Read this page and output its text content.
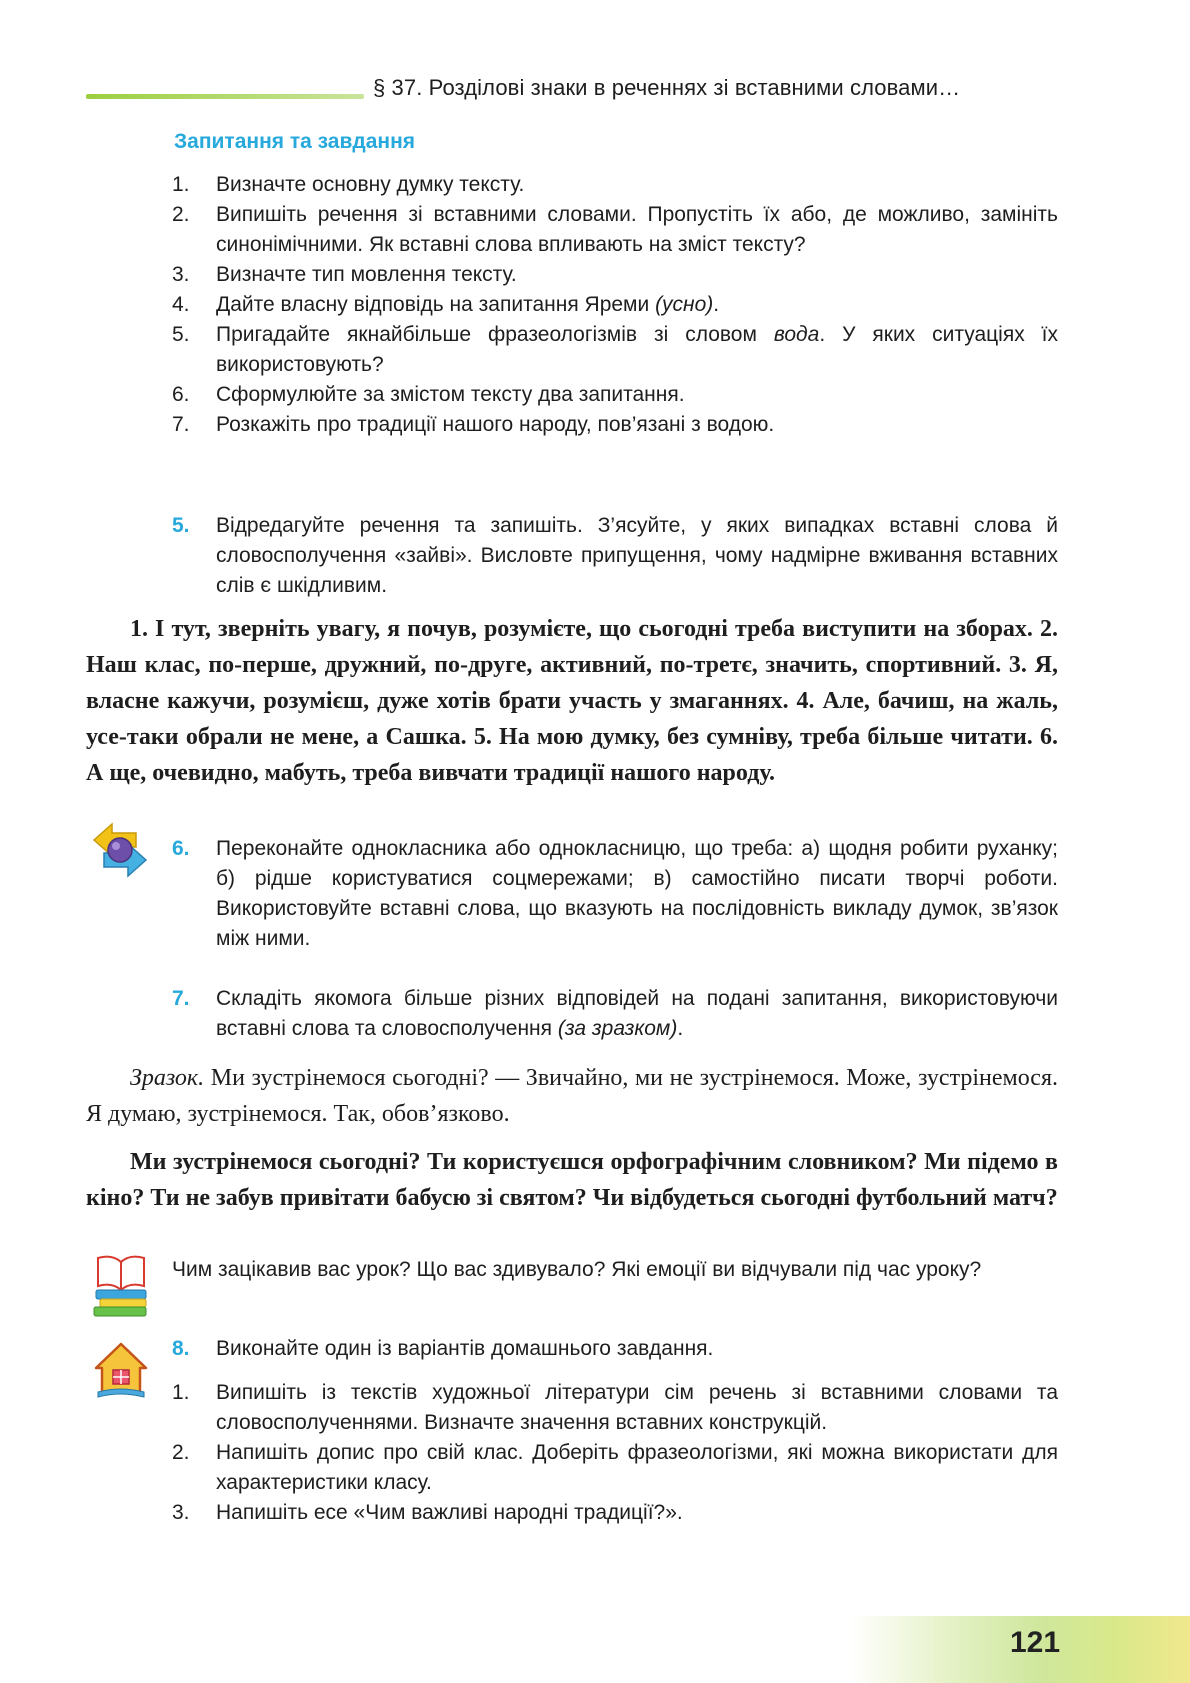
§ 37. Розділові знаки в реченнях зі вставними словами…
Запитання та завдання
1.	Визначте основну думку тексту.
2.	Випишіть речення зі вставними словами. Пропустіть їх або, де можливо, замініть синонімічними. Як вставні слова впливають на зміст тексту?
3.	Визначте тип мовлення тексту.
4.	Дайте власну відповідь на запитання Яреми (усно).
5.	Пригадайте якнайбільше фразеологізмів зі словом вода. У яких ситуаціях їх використовують?
6.	Сформулюйте за змістом тексту два запитання.
7.	Розкажіть про традиції нашого народу, пов’язані з водою.
5.	Відредагуйте речення та запишіть. З’ясуйте, у яких випадках вставні слова й словосполучення «зайві». Висловте припущення, чому надмірне вживання вставних слів є шкідливим.

1. І тут, зверніть увагу, я почув, розумієте, що сьогодні треба виступити на зборах. 2. Наш клас, по-перше, дружний, по-друге, активний, по-третє, значить, спортивний. 3. Я, власне кажучи, розумієш, дуже хотів брати участь у змаганнях. 4. Але, бачиш, на жаль, усе-таки обрали не мене, а Сашка. 5. На мою думку, без сумніву, треба більше читати. 6. А ще, очевидно, мабуть, треба вивчати традиції нашого народу.

6.	Переконайте однокласника або однокласницю, що треба: а) щодня робити руханку; б) рідше користуватися соцмережами; в) самостійно писати творчі роботи. Використовуйте вставні слова, що вказують на послідовність викладу думок, зв’язок між ними.
7.	Складіть якомога більше різних відповідей на подані запитання, використовуючи вставні слова та словосполучення (за зразком).

Зразок. Ми зустрінемося сьогодні? — Звичайно, ми не зустрінемося. Може, зустрінемося. Я думаю, зустрінемося. Так, обов’язково.

Ми зустрінемося сьогодні? Ти користуєшся орфографічним словником? Ми підемо в кіно? Ти не забув привітати бабусю зі святом? Чи відбудеться сьогодні футбольний матч?

Чим зацікавив вас урок? Що вас здивувало? Які емоції ви відчували під час уроку?
8.	Виконайте один із варіантів домашнього завдання.
1.	Випишіть із текстів художньої літератури сім речень зі вставними словами та словосполученнями. Визначте значення вставних конструкцій.
2.	Напишіть допис про свій клас. Доберіть фразеологізми, які можна використати для характеристики класу.
3.	Напишіть есе «Чим важливі народні традиції?».
121
